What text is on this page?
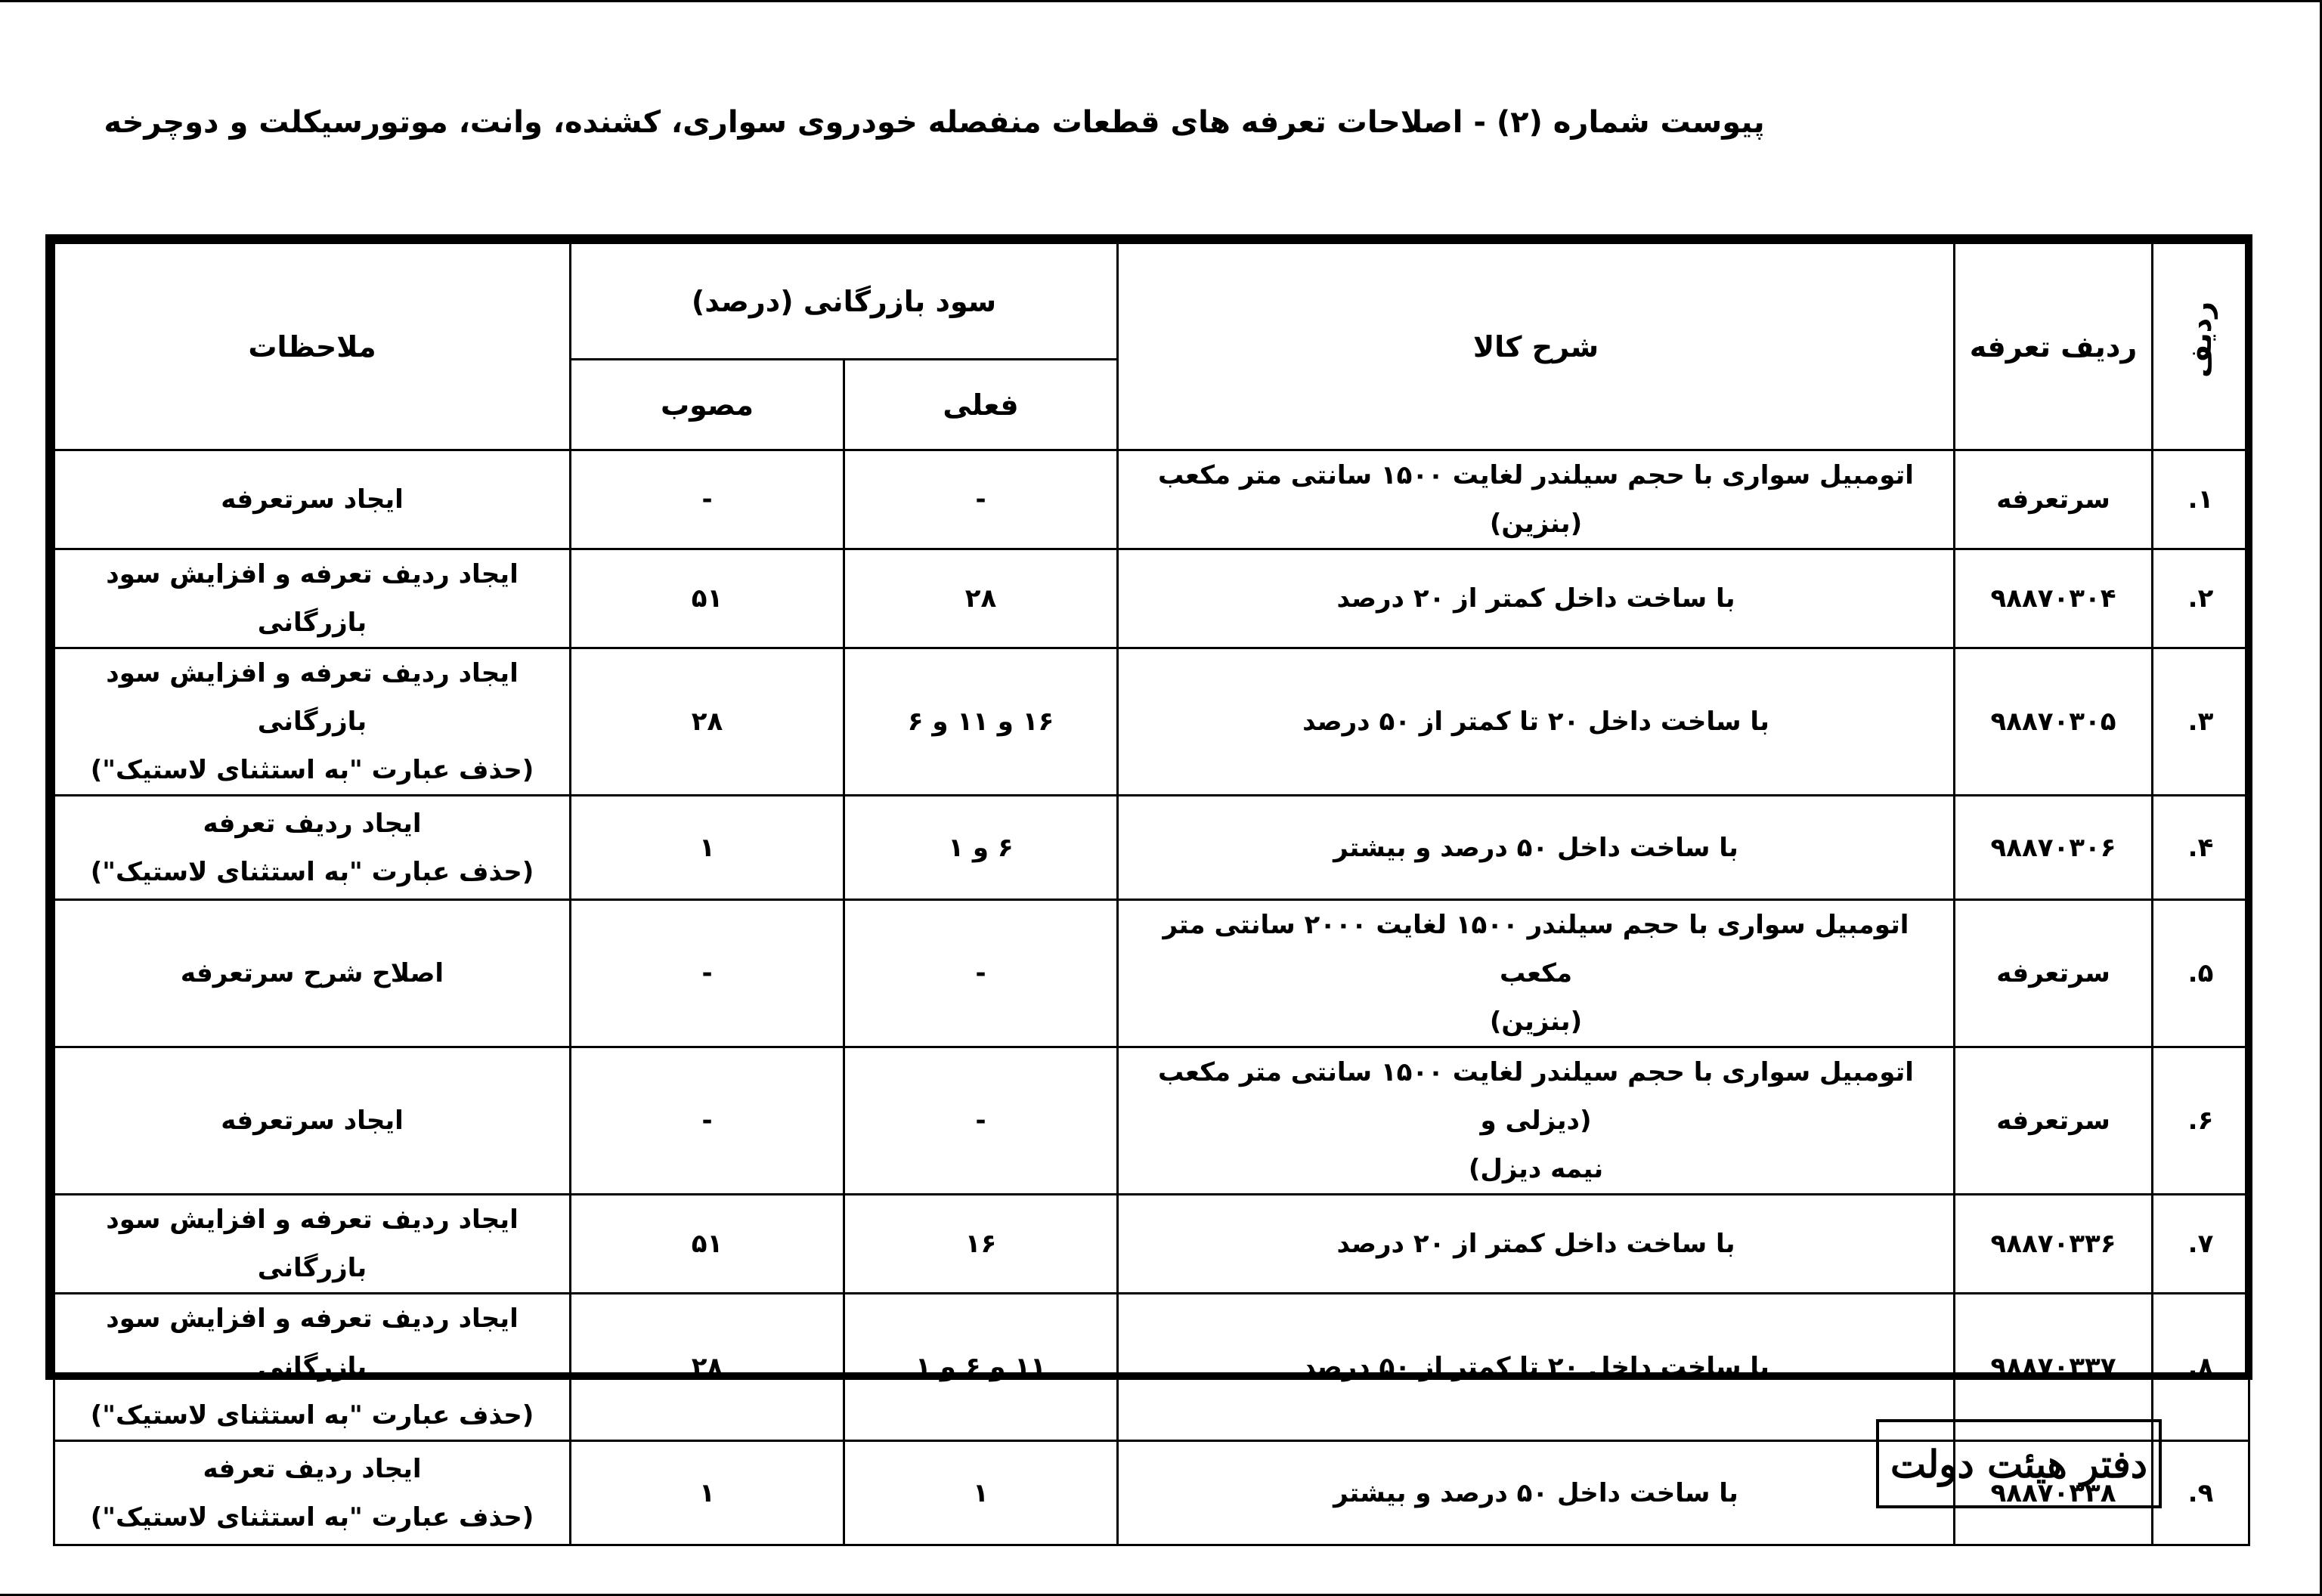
پیوست شماره (۲) - اصلاحات تعرفه های قطعات منفصله خودروی سواری، کشنده، وانت، موتورسیکلت و دوچرخه
ردیف	ردیف تعرفه	شرح کالا	سود بازرگانی (درصد)		ملاحظات
			فعلی	مصوب	

۱.	سرتعرفه	اتومبیل سواری با حجم سیلندر لغایت ۱۵۰۰ سانتی متر مکعب (بنزین)	-	-	ایجاد سرتعرفه

۲.	۹۸۸۷۰۳۰۴	با ساخت داخل کمتر از ۲۰ درصد	۲۸	۵۱	ایجاد ردیف تعرفه و افزایش سود بازرگانی

۳.	۹۸۸۷۰۳۰۵	با ساخت داخل ۲۰ تا کمتر از ۵۰ درصد	۱۶ و ۱۱ و ۶	۲۸	ایجاد ردیف تعرفه و افزایش سود بازرگانی
(حذف عبارت "به استثنای لاستیک")

۴.	۹۸۸۷۰۳۰۶	با ساخت داخل ۵۰ درصد و بیشتر	۶ و ۱	۱	ایجاد ردیف تعرفه
(حذف عبارت "به استثنای لاستیک")

۵.	سرتعرفه	اتومبیل سواری با حجم سیلندر ۱۵۰۰ لغایت ۲۰۰۰ سانتی متر مکعب
(بنزین)	-	-	اصلاح شرح سرتعرفه

۶.	سرتعرفه	اتومبیل سواری با حجم سیلندر لغایت ۱۵۰۰ سانتی متر مکعب (دیزلی و
نیمه دیزل)	-	-	ایجاد سرتعرفه

۷.	۹۸۸۷۰۳۳۶	با ساخت داخل کمتر از ۲۰ درصد	۱۶	۵۱	ایجاد ردیف تعرفه و افزایش سود بازرگانی

۸.	۹۸۸۷۰۳۳۷	با ساخت داخل ۲۰ تا کمتر از ۵۰ درصد	۱۱ و ۶ و ۱	۲۸	ایجاد ردیف تعرفه و افزایش سود بازرگانی
(حذف عبارت "به استثنای لاستیک")

۹.	۹۸۸۷۰۳۳۸	با ساخت داخل ۵۰ درصد و بیشتر	۱	۱	ایجاد ردیف تعرفه
(حذف عبارت "به استثنای لاستیک")
دفتر هیئت دولت
